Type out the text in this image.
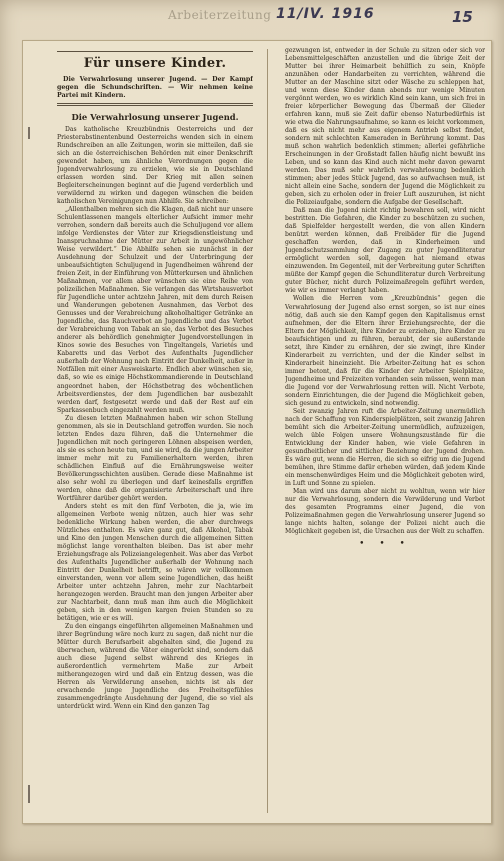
Arbeiterzeitung 11/IV. 1916	15
Für unsere Kinder.
Die Verwahrlosung unserer Jugend. — Der Kampf gegen die Schundschriften. — Wir nehmen keine Partei mit Kindern.
Die Verwahrlosung unserer Jugend.

Das katholische Kreuzbündnis Oesterreichs und der Priesterabstinentenbund Oesterreichs wenden sich in einem Rundschreiben an alle Zeitungen, worin sie mitteilen, daß sie sich an die österreichischen Behörden mit einer Denkschrift gewendet haben, um ähnliche Verordnungen gegen die Jugendverwahrlosung zu erzielen, wie sie in Deutschland erlassen worden sind. Der Krieg mit allen seinen Begleiterscheinungen beginnt auf die Jugend verderblich und verwildernd zu wirken und dagegen wünschen die beiden katholischen Vereinigungen nun Abhilfe. Sie schreiben:

„Allenthalben mehren sich die Klagen, daß nicht nur unsere Schulentlassenen mangels elterlicher Aufsicht immer mehr verrohen, sondern daß bereits auch die Schuljugend vor allem infolge Verdienstes der Väter zur Kriegsdienstleistung und Inanspruchnahme der Mütter zur Arbeit in ungewöhnlicher Weise verwildert.“ Die Abhilfe sehen sie zunächst in der Ausdehnung der Schulzeit und der Unterbringung der unbeaufsichtigten Schuljugend in Jugendheimen während der freien Zeit, in der Einführung von Mütterkursen und ähnlichen Maßnahmen, vor allem aber wünschen sie eine Reihe von polizeilichen Maßnahmen. Sie verlangen das Wirtshausverbot für Jugendliche unter achtzehn Jahren, mit dem durch Reisen und Wanderungen gebotenen Ausnahmen, das Verbot des Genusses und der Verabreichung alkoholhaltiger Getränke an Jugendliche, das Rauchverbot an Jugendliche und das Verbot der Verabreichung von Tabak an sie, das Verbot des Besuches anderer als behördlich genehmigter Jugendvorstellungen in Kinos sowie des Besuches von Tingeltangels, Varietés und Kabaretts und das Verbot des Aufenthalts Jugendlicher außerhalb der Wohnung nach Eintritt der Dunkelheit, außer in Notfällen mit einer Ausweiskarte. Endlich aber wünschen sie, daß, so wie es einige Höchstkommandierende in Deutschland angeordnet haben, der Höchstbetrag des wöchentlichen Arbeitsverdienstes, der dem Jugendlichen bar ausbezahlt werden darf, festgesetzt werde und daß der Rest auf ein Sparkassenbuch eingezahlt werden muß.

Zu diesen letzten Maßnahmen haben wir schon Stellung genommen, als sie in Deutschland getroffen wurden. Sie noch letzten Endes dazu führen, daß die Unternehmer die Jugendlichen mit noch geringeren Löhnen abspeisen werden, als sie es schon heute tun, und sie wird, da die jungen Arbeiter immer mehr mit zu Familienerhaltern werden, ihren schädlichen Einfluß auf die Ernährungsweise weiter Bevölkerungsschichten ausüben. Gerade diese Maßnahme ist also sehr wohl zu überlegen und darf keinesfalls ergriffen werden, ohne daß die organisierte Arbeiterschaft und ihre Wortführer darüber gehört werden.

Anders steht es mit den fünf Verboten, die ja, wie im allgemeinen Verbote wenig nützen, auch hier was sehr bedenkliche Wirkung haben werden, die aber durchwegs Nützliches enthalten. Es wäre ganz gut, daß Alkohol, Tabak und Kino den jungen Menschen durch die allgemeinen Sitten möglichst lange vorenthalten bleiben. Das ist aber mehr Erziehungsfrage als Polizeiangelegenheit. Was aber das Verbot des Aufenthalts Jugendlicher außerhalb der Wohnung nach Eintritt der Dunkelheit betrifft, so wären wir vollkommen einverstanden, wenn vor allem seine Jugendlichen, das heißt Arbeiter unter achtzehn Jahren, mehr zur Nachtarbeit herangezogen werden. Braucht man den jungen Arbeiter aber zur Nachtarbeit, dann muß man ihm auch die Möglichkeit geben, sich in den wenigen kargen freien Stunden so zu betätigen, wie er es will.

Zu den eingangs eingeführten allgemeinen Maßnahmen und ihrer Begründung wäre noch kurz zu sagen, daß nicht nur die Mütter durch Berufsarbeit abgehalten sind, die Jugend zu überwachen, während die Väter eingerückt sind, sondern daß auch diese Jugend selbst während des Krieges in außerordentlich vermehrtem Maße zur Arbeit mitherangezogen wird und daß ein Entzug dessen, was die Herren als Verwilderung ansehen, nichts ist als der erwachende junge Jugendliche des Freiheitsgefühles zusammengedrängte Ausdehnung der Jugend, die so viel als unterdrückt wird. Wenn ein Kind den ganzen Tag

gezwungen ist, entweder in der Schule zu sitzen oder sich vor Lebensmittelgeschäften anzustellen und die übrige Zeit der Mutter bei ihrer Heimarbeit behilflich zu sein, Knöpfe anzunähen oder Handarbeiten zu verrichten, während die Mutter an der Maschine sitzt oder Wäsche zu schleppen hat, und wenn diese Kinder dann abends nur wenige Minuten vergönnt werden, wo es wirklich Kind sein kann, um sich frei in freier körperlicher Bewegung das Übermaß der Glieder erfahren kann, muß sie Zeit dafür ebenso Naturbedürfnis ist wie etwa die Nahrungsaufnahme, so kann es leicht vorkommen, daß es sich nicht mehr aus eigenem Antrieb selbst findet, sondern mit schlechten Kameraden in Berührung kommt. Das muß schon wahrlich bedenklich stimmen; allerlei gefährliche Erscheinungen in der Großstadt fallen häufig nicht bewußt ins Leben, und so kann das Kind auch nicht mehr davon gewarnt werden. Das muß sehr wahrlich verwahrlosung bedenklich stimmen; aber jedes Stück Jugend, das so aufwachsen muß, ist nicht allein eine Sache, sondern der Jugend die Möglichkeit zu geben, sich zu erholen oder in freier Luft auszuruhen, ist nicht die Polizeiaufgabe, sondern die Aufgabe der Gesellschaft.

Daß man die Jugend nicht richtig bewahren soll, wird nicht bestritten. Die Gefahren, die Kinder zu beschützen zu suchen, daß Spielfelder hergestellt werden, die von allen Kindern benützt werden können, daß Freibäder für die Jugend geschaffen werden, daß in Kinderheimen und Jugendschutzsammlung der Zugang zu guter Jugendliteratur ermöglicht werden soll, dagegen hat niemand etwas einzuwenden. Im Gegenteil, mit der Verbreitung guter Schriften müßte der Kampf gegen die Schundliteratur durch Verbreitung guter Bücher, nicht durch Polizeimaßregeln geführt werden, wie wir es immer verlangt haben.

Wollen die Herren vom „Kreuzbündnis“ gegen die Verwahrlosung der Jugend also ernst sorgen, so ist nur eines nötig, daß auch sie den Kampf gegen den Kapitalismus ernst aufnehmen, der die Eltern ihrer Erziehungsrechte, der die Eltern der Möglichkeit, ihre Kinder zu erziehen, ihre Kinder zu beaufsichtigen und zu führen, beraubt, der sie außerstande setzt, ihre Kinder zu ernähren, der sie zwingt, ihre Kinder Kinderarbeit zu verrichten, und der die Kinder selbst in Kinderarbeit hineinzieht. Die Arbeiter-Zeitung hat es schon immer betont, daß für die Kinder der Arbeiter Spielplätze, Jugendheime und Freizeiten vorhanden sein müssen, wenn man die Jugend vor der Verwahrlosung retten will. Nicht Verbote, sondern Einrichtungen, die der Jugend die Möglichkeit geben, sich gesund zu entwickeln, sind notwendig.

Seit zwanzig Jahren ruft die Arbeiter-Zeitung unermüdlich nach der Schaffung von Kinderspielplätzen, seit zwanzig Jahren bemüht sich die Arbeiter-Zeitung unermüdlich, aufzuzeigen, welch üble Folgen unsere Wohnungszustände für die Entwicklung der Kinder haben, wie viele Gefahren in gesundheitlicher und sittlicher Beziehung der Jugend drohen. Es wäre gut, wenn die Herren, die sich so eifrig um die Jugend bemühen, ihre Stimme dafür erheben würden, daß jedem Kinde ein menschenwürdiges Heim und die Möglichkeit geboten wird, in Luft und Sonne zu spielen.

Man wird uns darum aber nicht zu wohltun, wenn wir hier nur die Verwahrlosung, sondern die Verwilderung und Verbot des gesamten Programms einer Jugend, die von Polizeimaßnahmen gegen die Verwahrlosung unserer Jugend so lange nichts halten, solange der Polizei nicht auch die Möglichkeit gegeben ist, die Ursachen aus der Welt zu schaffen.

• • •
